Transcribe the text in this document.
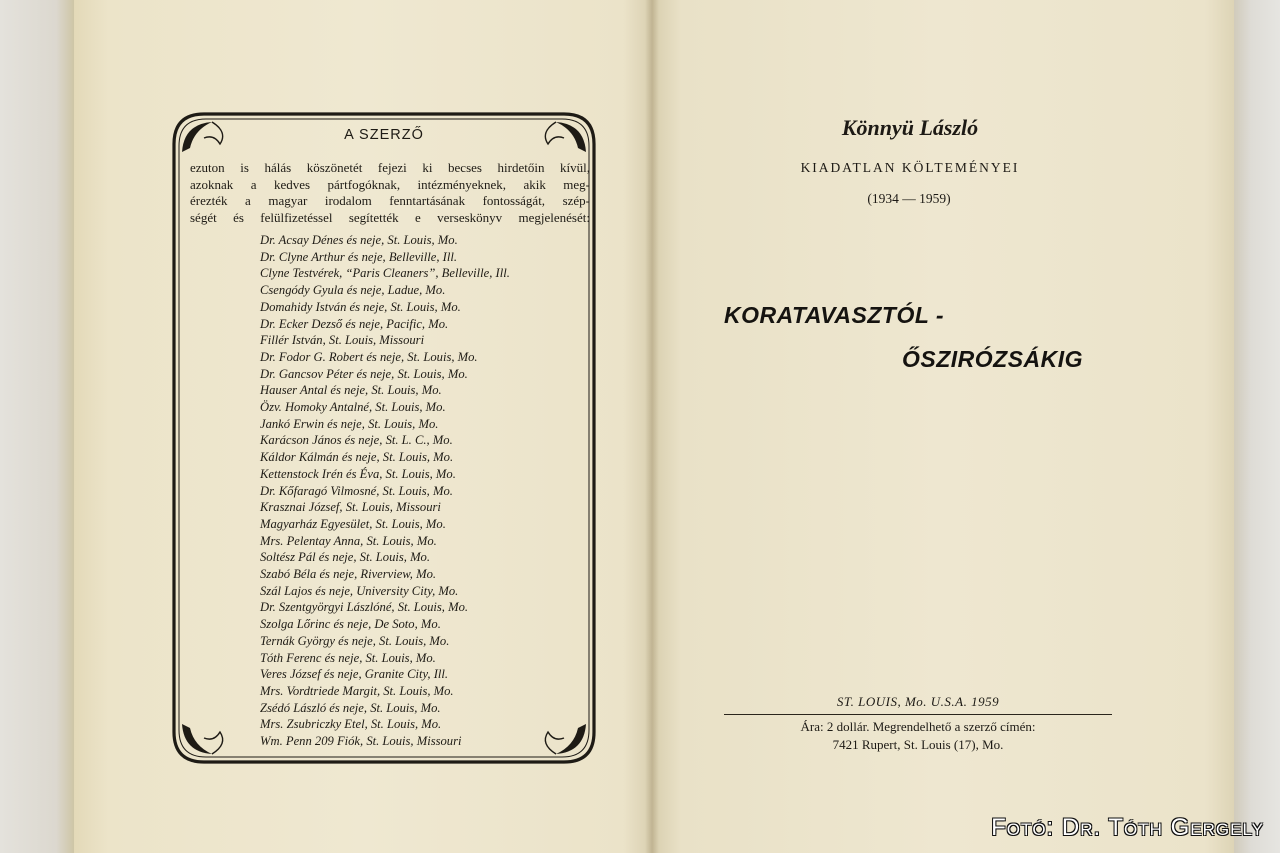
A SZERZŐ
ezuton is hálás köszönetét fejezi ki becses hirdetőin kívül,
azoknak a kedves pártfogóknak, intézményeknek, akik meg-
érezték a magyar irodalom fenntartásának fontosságát, szép-
ségét és felülfizetéssel segítették e verseskönyv megjelenését:
Dr. Acsay Dénes és neje, St. Louis, Mo.
Dr. Clyne Arthur és neje, Belleville, Ill.
Clyne Testvérek, “Paris Cleaners”, Belleville, Ill.
Csengódy Gyula és neje, Ladue, Mo.
Domahidy István és neje, St. Louis, Mo.
Dr. Ecker Dezső és neje, Pacific, Mo.
Fillér István, St. Louis, Missouri
Dr. Fodor G. Robert és neje, St. Louis, Mo.
Dr. Gancsov Péter és neje, St. Louis, Mo.
Hauser Antal és neje, St. Louis, Mo.
Özv. Homoky Antalné, St. Louis, Mo.
Jankó Erwin és neje, St. Louis, Mo.
Karácson János és neje, St. L. C., Mo.
Káldor Kálmán és neje, St. Louis, Mo.
Kettenstock Irén és Éva, St. Louis, Mo.
Dr. Kőfaragó Vilmosné, St. Louis, Mo.
Krasznai József, St. Louis, Missouri
Magyarház Egyesület, St. Louis, Mo.
Mrs. Pelentay Anna, St. Louis, Mo.
Soltész Pál és neje, St. Louis, Mo.
Szabó Béla és neje, Riverview, Mo.
Szál Lajos és neje, University City, Mo.
Dr. Szentgyörgyi Lászlóné, St. Louis, Mo.
Szolga Lőrinc és neje, De Soto, Mo.
Ternák György és neje, St. Louis, Mo.
Tóth Ferenc és neje, St. Louis, Mo.
Veres József és neje, Granite City, Ill.
Mrs. Vordtriede Margit, St. Louis, Mo.
Zsédó László és neje, St. Louis, Mo.
Mrs. Zsubriczky Etel, St. Louis, Mo.
Wm. Penn 209 Fiók, St. Louis, Missouri
Könnyü László
KIADATLAN KÖLTEMÉNYEI
(1934 — 1959)
KORATAVASZTÓL -
ŐSZIRÓZSÁKIG
ST. LOUIS, Mo. U.S.A. 1959
Ára: 2 dollár. Megrendelhető a szerző címén:
7421 Rupert, St. Louis (17), Mo.
Fotó: Dr. Tóth Gergely
